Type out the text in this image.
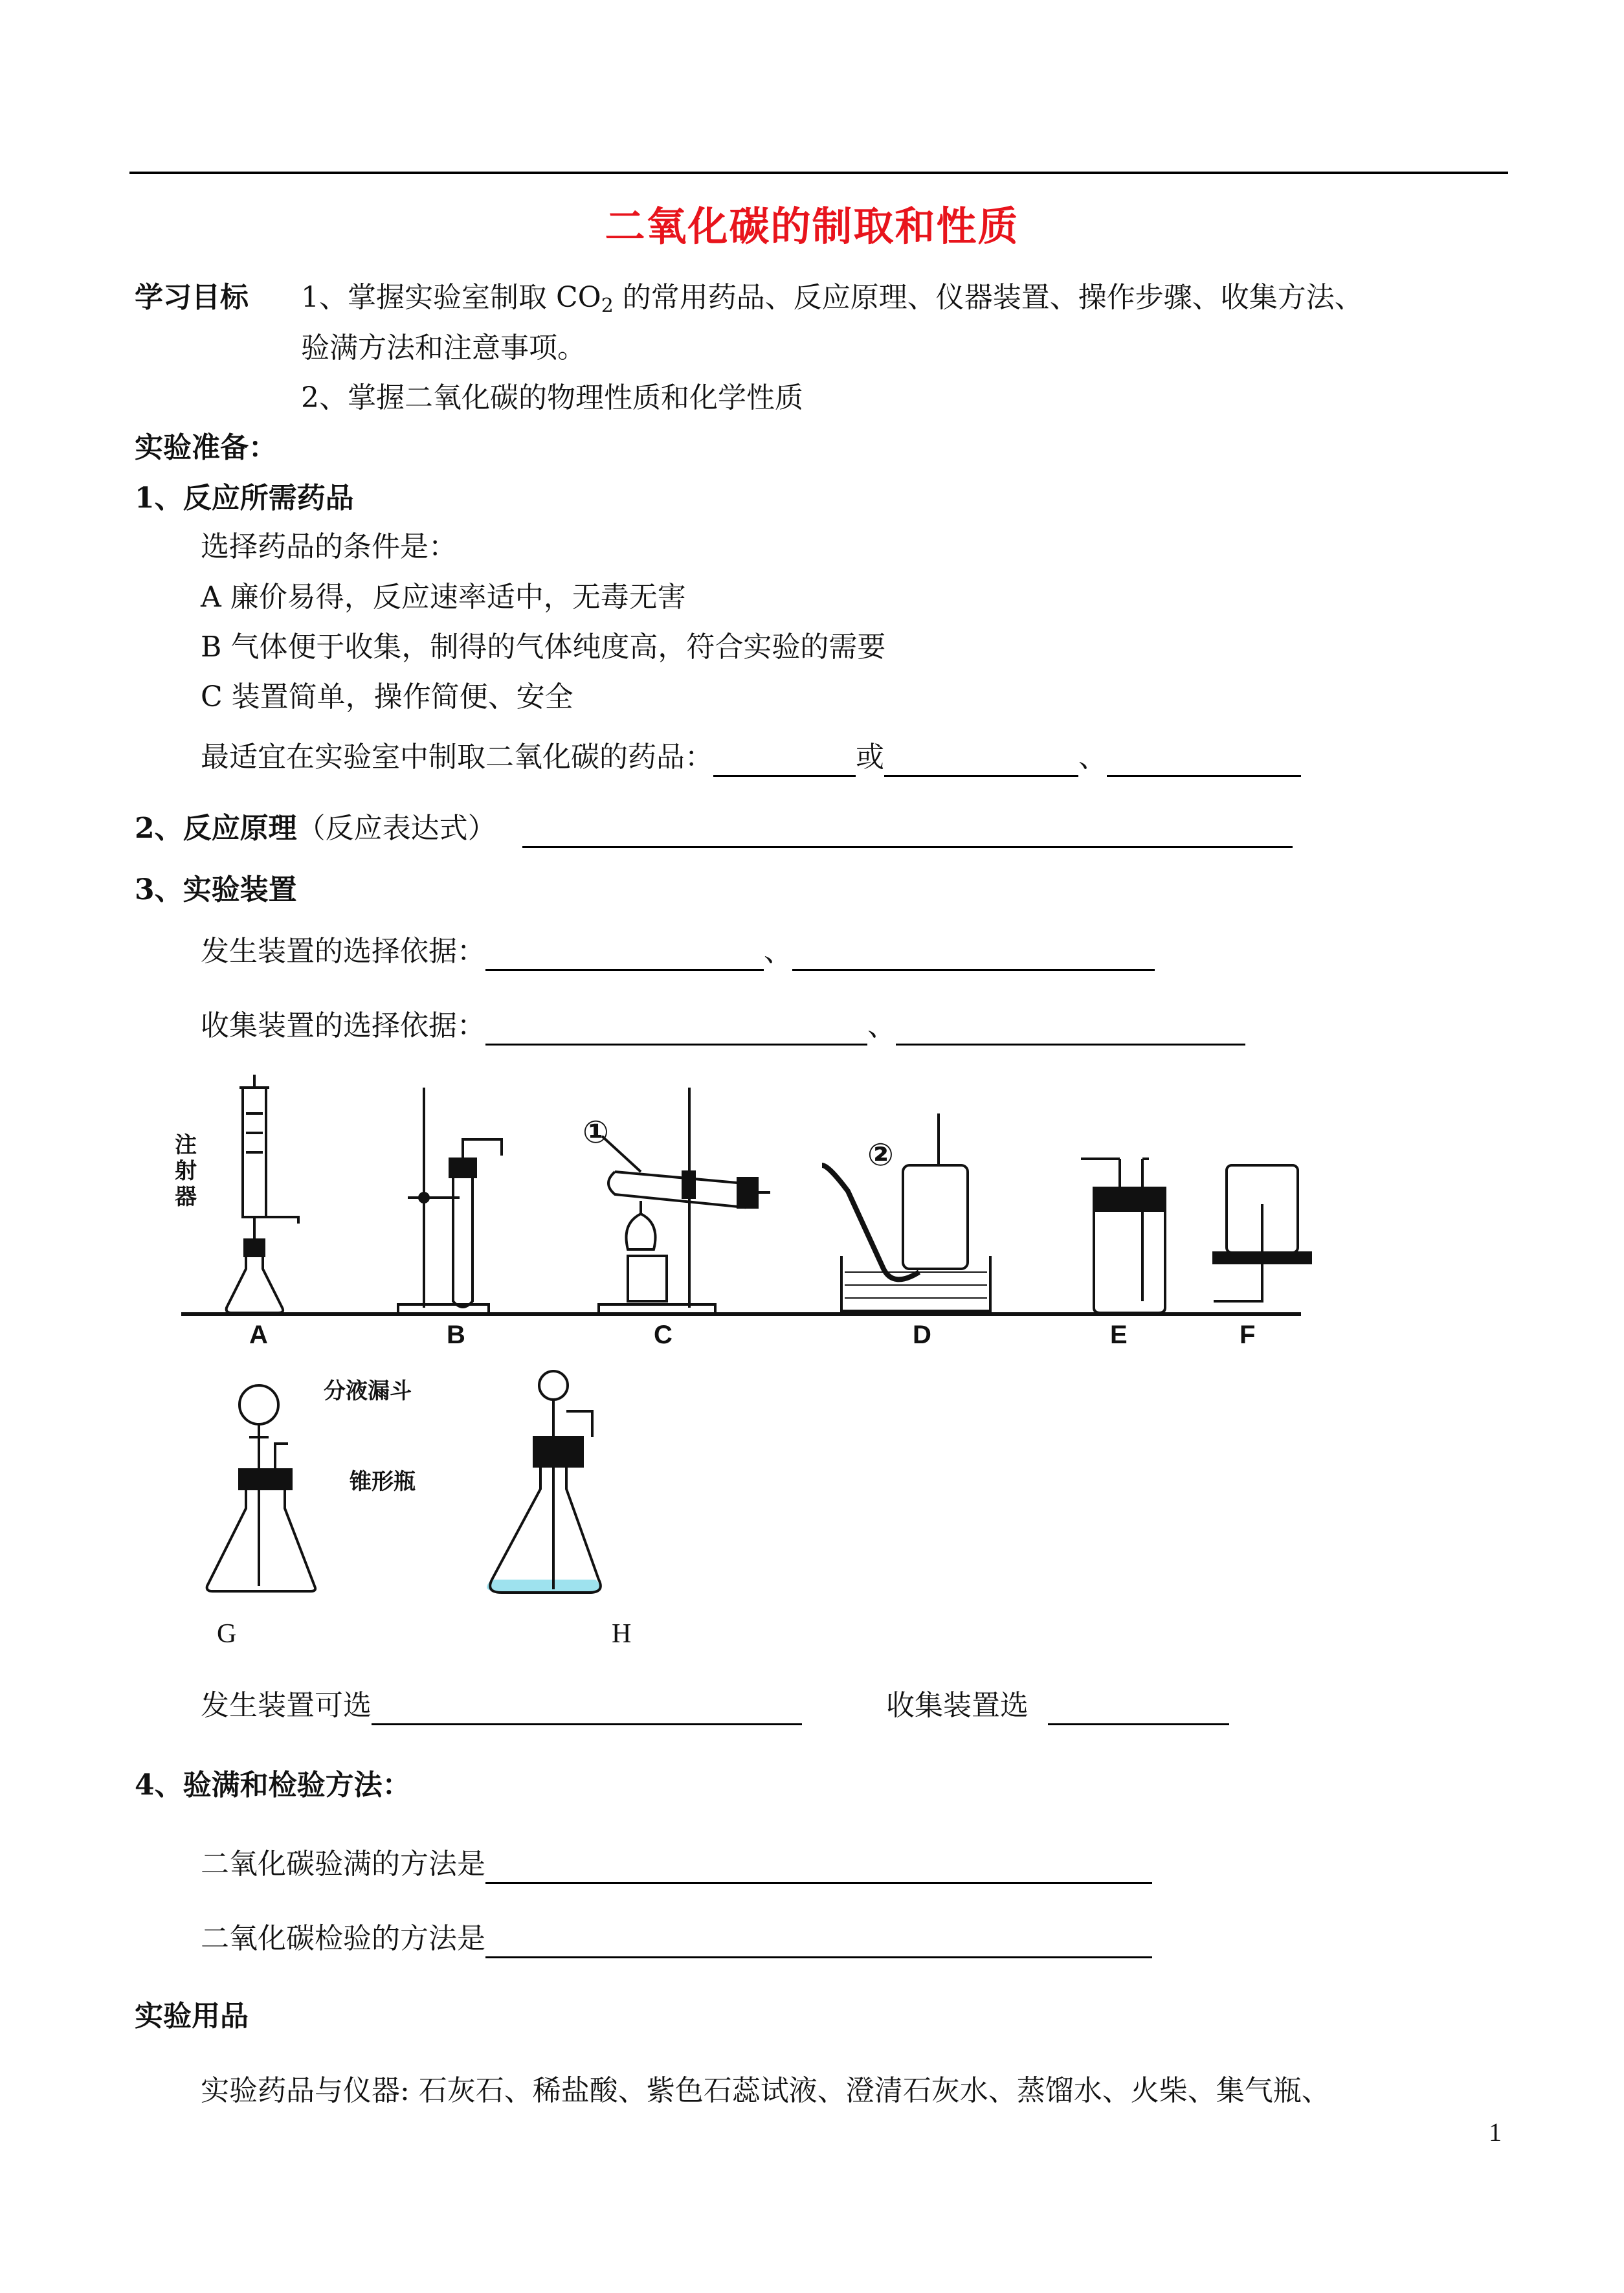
二氧化碳的制取和性质
学习目标 1、掌握实验室制取 $CO_2$ 的常用药品、反应原理、仪器装置、操作步骤、收集方法、
验满方法和注意事项。
2、掌握二氧化碳的物理性质和化学性质
实验准备：
1、反应所需药品
选择药品的条件是：
A 廉价易得，反应速率适中，无毒无害
B 气体便于收集，制得的气体纯度高，符合实验的需要
C 装置简单，操作简便、安全
最适宜在实验室中制取二氧化碳的药品：	或	、
2、反应原理（反应表达式）
3、实验装置
发生装置的选择依据：	、
收集装置的选择依据：	、
注
射
器
①
②
A	B	C	D	E	F
分液漏斗
锥形瓶
G	H
发生装置可选	收集装置选
4、验满和检验方法：
二氧化碳验满的方法是
二氧化碳检验的方法是
实验用品
实验药品与仪器: 石灰石、稀盐酸、紫色石蕊试液、澄清石灰水、蒸馏水、火柴、集气瓶、
1
